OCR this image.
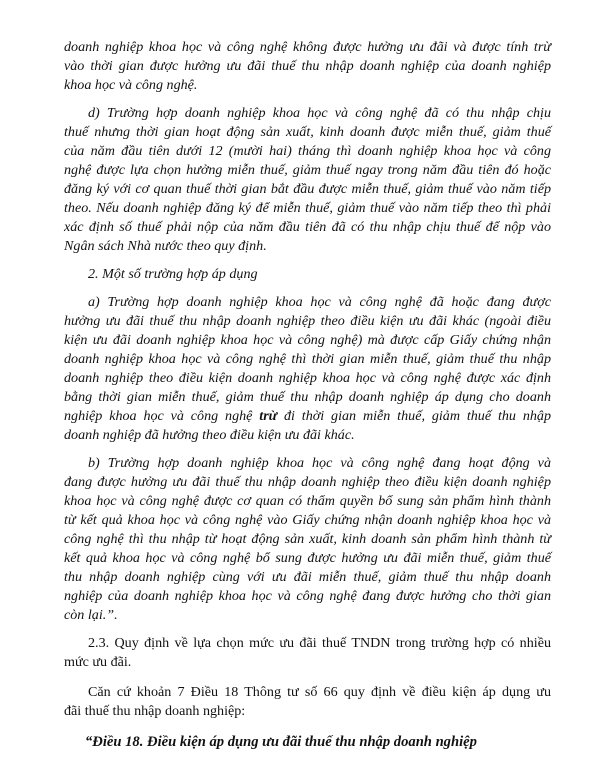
doanh nghiệp khoa học và công nghệ không được hưởng ưu đãi và được tính trừ
vào thời gian được hưởng ưu đãi thuế thu nhập doanh nghiệp của doanh nghiệp
khoa học và công nghệ.
d) Trường hợp doanh nghiệp khoa học và công nghệ đã có thu nhập chịu
thuế nhưng thời gian hoạt động sản xuất, kinh doanh được miễn thuế, giảm thuế
của năm đầu tiên dưới 12 (mười hai) tháng thì doanh nghiệp khoa học và công
nghệ được lựa chọn hưởng miễn thuế, giảm thuế ngay trong năm đầu tiên đó hoặc
đăng ký với cơ quan thuế thời gian bắt đầu được miễn thuế, giảm thuế vào năm tiếp
theo. Nếu doanh nghiệp đăng ký để miễn thuế, giảm thuế vào năm tiếp theo thì phải
xác định số thuế phải nộp của năm đầu tiên đã có thu nhập chịu thuế để nộp vào
Ngân sách Nhà nước theo quy định.
2. Một số trường hợp áp dụng
a) Trường hợp doanh nghiệp khoa học và công nghệ đã hoặc đang được
hưởng ưu đãi thuế thu nhập doanh nghiệp theo điều kiện ưu đãi khác (ngoài điều
kiện ưu đãi doanh nghiệp khoa học và công nghệ) mà được cấp Giấy chứng nhận
doanh nghiệp khoa học và công nghệ thì thời gian miễn thuế, giảm thuế thu nhập
doanh nghiệp theo điều kiện doanh nghiệp khoa học và công nghệ được xác định
bằng thời gian miễn thuế, giảm thuế thu nhập doanh nghiệp áp dụng cho doanh
nghiệp khoa học và công nghệ trừ đi thời gian miễn thuế, giảm thuế thu nhập
doanh nghiệp đã hưởng theo điều kiện ưu đãi khác.
b) Trường hợp doanh nghiệp khoa học và công nghệ đang hoạt động và
đang được hưởng ưu đãi thuế thu nhập doanh nghiệp theo điều kiện doanh nghiệp
khoa học và công nghệ được cơ quan có thẩm quyền bổ sung sản phẩm hình thành
từ kết quả khoa học và công nghệ vào Giấy chứng nhận doanh nghiệp khoa học và
công nghệ thì thu nhập từ hoạt động sản xuất, kinh doanh sản phẩm hình thành từ
kết quả khoa học và công nghệ bổ sung được hưởng ưu đãi miễn thuế, giảm thuế
thu nhập doanh nghiệp cùng với ưu đãi miễn thuế, giảm thuế thu nhập doanh
nghiệp của doanh nghiệp khoa học và công nghệ đang được hưởng cho thời gian
còn lại.”.
2.3. Quy định về lựa chọn mức ưu đãi thuế TNDN trong trường hợp có nhiều
mức ưu đãi.
Căn cứ khoản 7 Điều 18 Thông tư số 66 quy định về điều kiện áp dụng ưu
đãi thuế thu nhập doanh nghiệp:
“Điều 18. Điều kiện áp dụng ưu đãi thuế thu nhập doanh nghiệp
